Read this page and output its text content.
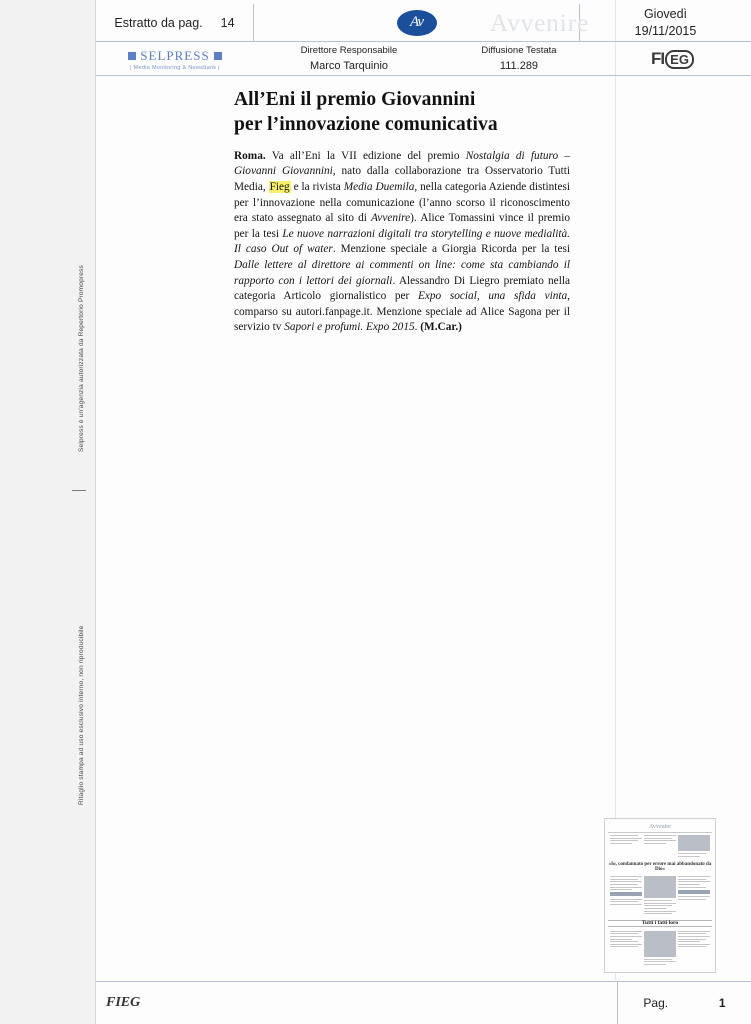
Selpress è un'agenzia autorizzata da Repertorio Promopress
Ritaglio stampa ad uso esclusivo interno, non riproducibile
Estratto da pag. 14	Av	Avvenire	Giovedì
19/11/2015
SELPRESS
| Media Monitoring & Newsbank |
Direttore Responsabile
Marco Tarquinio
Diffusione Testata
111.289	FI EG
All’Eni il premio Giovannini
per l’innovazione comunicativa
Roma. Va all’Eni la VII edizione del premio Nostalgia di futuro – Giovanni Giovannini, nato dalla collaborazione tra Osservatorio Tutti Media, Fieg e la rivista Media Duemila, nella categoria Aziende distintesi per l’innovazione nella comunicazione (l’anno scorso il riconoscimento era stato assegnato al sito di Avvenire). Alice Tomassini vince il premio per la tesi Le nuove narrazioni digitali tra storytelling e nuove medialità. Il caso Out of water. Menzione speciale a Giorgia Ricorda per la tesi Dalle lettere al direttore ai commenti on line: come sta cambiando il rapporto con i lettori dei giornali. Alessandro Di Liegro premiato nella categoria Articolo giornalistico per Expo social, una sfida vinta, comparso su autori.fanpage.it. Menzione speciale ad Alice Sagona per il servizio tv Sapori e profumi. Expo 2015. (M.Car.)
Avvenire
«Io, condannato per errore mai abbandonato da Dio»
Tutti i fatti loro
FIEG	Pag.	1
